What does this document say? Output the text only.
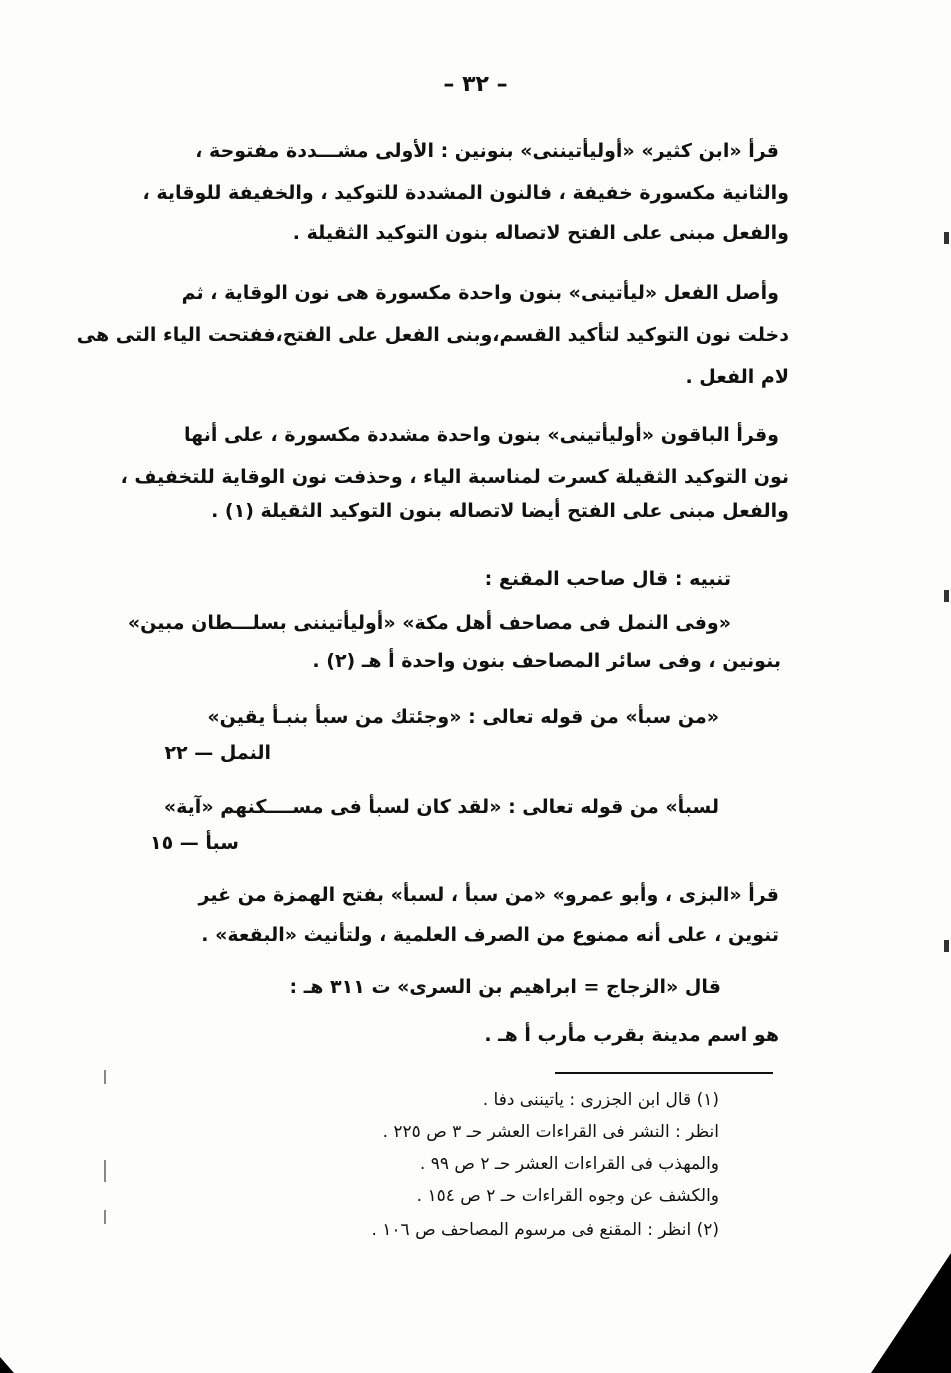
– ٣٢ –
قرأ «ابن كثير» «أوليأتيننى» بنونين : الأولى مشـــددة مفتوحة ،
والثانية مكسورة خفيفة ، فالنون المشددة للتوكيد ، والخفيفة للوقاية ،
والفعل مبنى على الفتح لاتصاله بنون التوكيد الثقيلة .
وأصل الفعل «ليأتينى» بنون واحدة مكسورة هى نون الوقاية ، ثم
دخلت نون التوكيد لتأكيد القسم،وبنى الفعل على الفتح،ففتحت الياء التى هى
لام الفعل .
وقرأ الباقون «أوليأتينى» بنون واحدة مشددة مكسورة ، على أنها
نون التوكيد الثقيلة كسرت لمناسبة الياء ، وحذفت نون الوقاية للتخفيف ،
والفعل مبنى على الفتح أيضا لاتصاله بنون التوكيد الثقيلة (١) .
تنبيه : قال صاحب المقنع :
«وفى النمل فى مصاحف أهل مكة» «أوليأتيننى بسلـــطان مبين»
بنونين ، وفى سائر المصاحف بنون واحدة أ هـ (٢) .
«من سبأ» من قوله تعالى : «وجئتك من سبأ بنبـأ يقين»
النمل — ٢٢
لسبأ» من قوله تعالى : «لقد كان لسبأ فى مســــكنهم «آية»
سبأ — ١٥
قرأ «البزى ، وأبو عمرو» «من سبأ ، لسبأ» بفتح الهمزة من غير
تنوين ، على أنه ممنوع من الصرف العلمية ، ولتأنيث «البقعة» .
قال «الزجاج = ابراهيم بن السرى» ت ٣١١ هـ :
هو اسم مدينة بقرب مأرب أ هـ .
(١) قال ابن الجزرى : ياتيننى دفا .
انظر : النشر فى القراءات العشر حـ ٣ ص ٢٢٥ .
والمهذب فى القراءات العشر حـ ٢ ص ٩٩ .
والكشف عن وجوه القراءات حـ ٢ ص ١٥٤ .
(٢) انظر : المقنع فى مرسوم المصاحف ص ١٠٦ .
